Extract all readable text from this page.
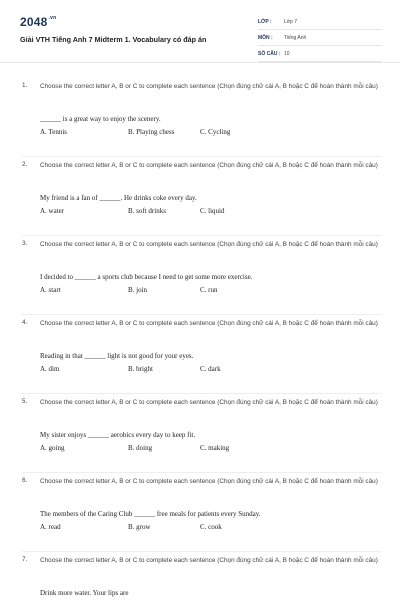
$2048^{.vn}$
Giải VTH Tiếng Anh 7 Midterm 1. Vocabulary có đáp án
LỚP :	Lớp 7
MÔN :	Tiếng Anh
SỐ CÂU : 10
1. Choose the correct letter A, B or C to complete each sentence (Chọn đúng chữ cái A, B hoặc C để hoàn thành mỗi câu)
______ is a great way to enjoy the scenery.
A. Tennis	B. Playing chess	C. Cycling
2. Choose the correct letter A, B or C to complete each sentence (Chọn đúng chữ cái A, B hoặc C để hoàn thành mỗi câu)
My friend is a fan of ______. He drinks coke every day.
A. water	B. soft drinks	C. liquid
3. Choose the correct letter A, B or C to complete each sentence (Chọn đúng chữ cái A, B hoặc C để hoàn thành mỗi câu)
I decided to ______ a sports club because I need to get some more exercise.
A. start	B. join	C. run
4. Choose the correct letter A, B or C to complete each sentence (Chọn đúng chữ cái A, B hoặc C để hoàn thành mỗi câu)
Reading in that ______ light is not good for your eyes.
A. dim	B. bright	C. dark
5. Choose the correct letter A, B or C to complete each sentence (Chọn đúng chữ cái A, B hoặc C để hoàn thành mỗi câu)
My sister enjoys ______ aerobics every day to keep fit.
A. going	B. doing	C. making
6. Choose the correct letter A, B or C to complete each sentence (Chọn đúng chữ cái A, B hoặc C để hoàn thành mỗi câu)
The members of the Caring Club ______ free meals for patients every Sunday.
A. read	B. grow	C. cook
7. Choose the correct letter A, B or C to complete each sentence (Chọn đúng chữ cái A, B hoặc C để hoàn thành mỗi câu)
Drink more water. Your lips are
